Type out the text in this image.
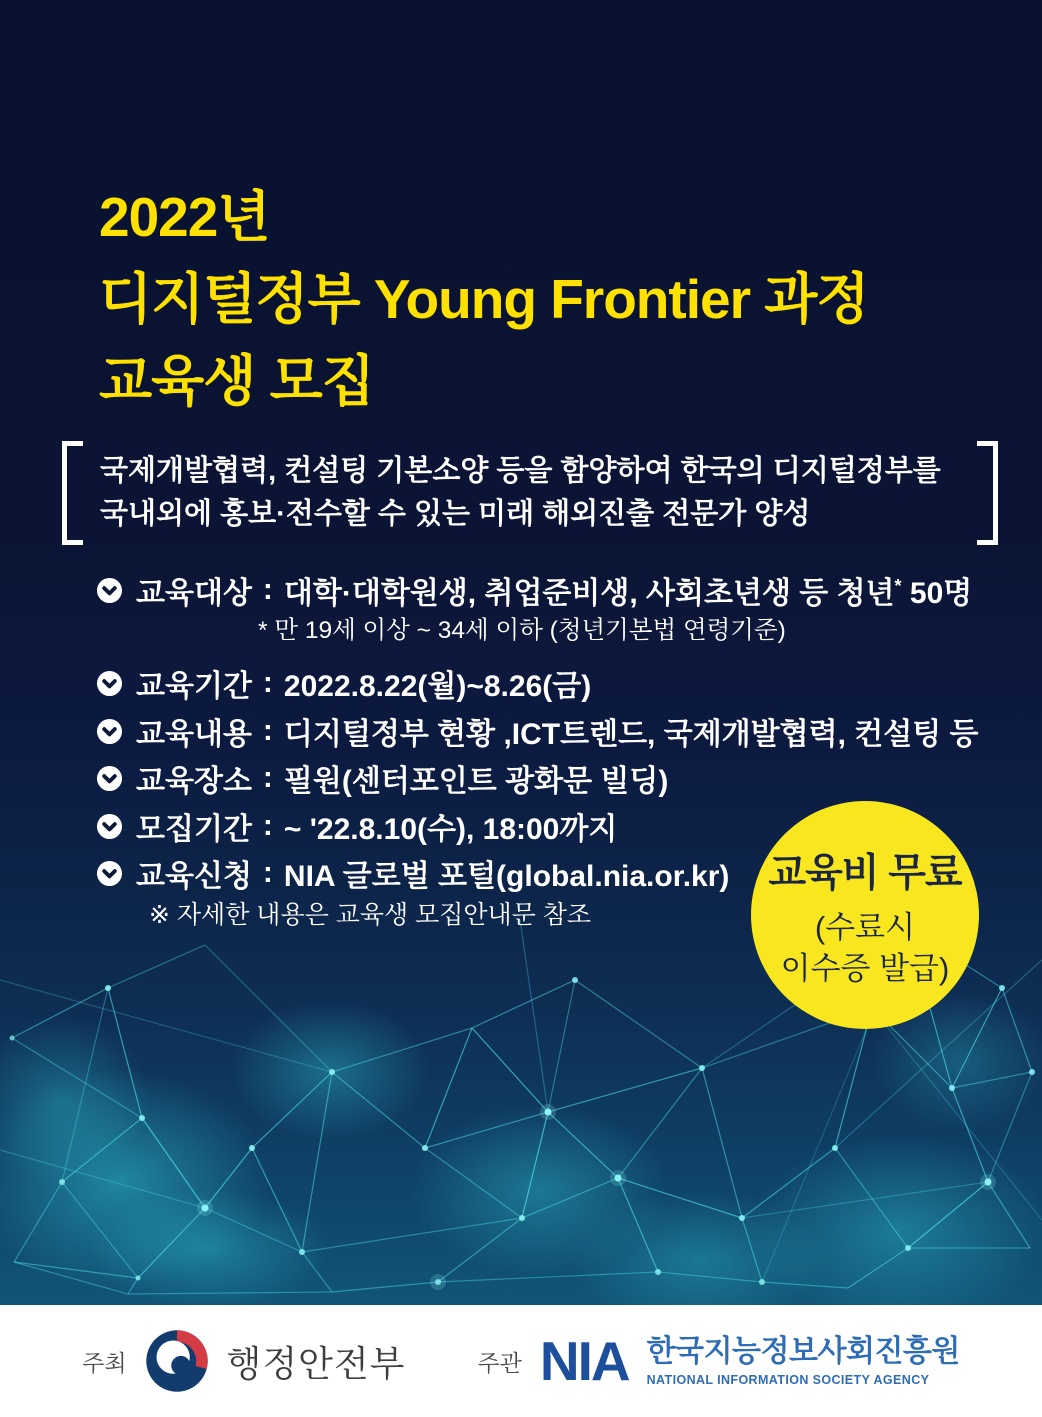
2022년
디지털정부 Young Frontier 과정
교육생 모집
국제개발협력, 컨설팅 기본소양 등을 함양하여 한국의 디지털정부를
국내외에 홍보·전수할 수 있는 미래 해외진출 전문가 양성
교육대상 : 대학·대학원생, 취업준비생, 사회초년생 등 청년* 50명
* 만 19세 이상 ~ 34세 이하 (청년기본법 연령기준)
교육기간 : 2022.8.22(월)~8.26(금)
교육내용 : 디지털정부 현황 ,ICT트렌드, 국제개발협력, 컨설팅 등
교육장소 : 필원(센터포인트 광화문 빌딩)
모집기간 : ~ '22.8.10(수), 18:00까지
교육신청 : NIA 글로벌 포털(global.nia.or.kr)
※ 자세한 내용은 교육생 모집안내문 참조
교육비 무료
(수료시
이수증 발급)
주최	행정안전부	주관 NIA 한국지능정보사회진흥원
NATIONAL INFORMATION SOCIETY AGENCY
